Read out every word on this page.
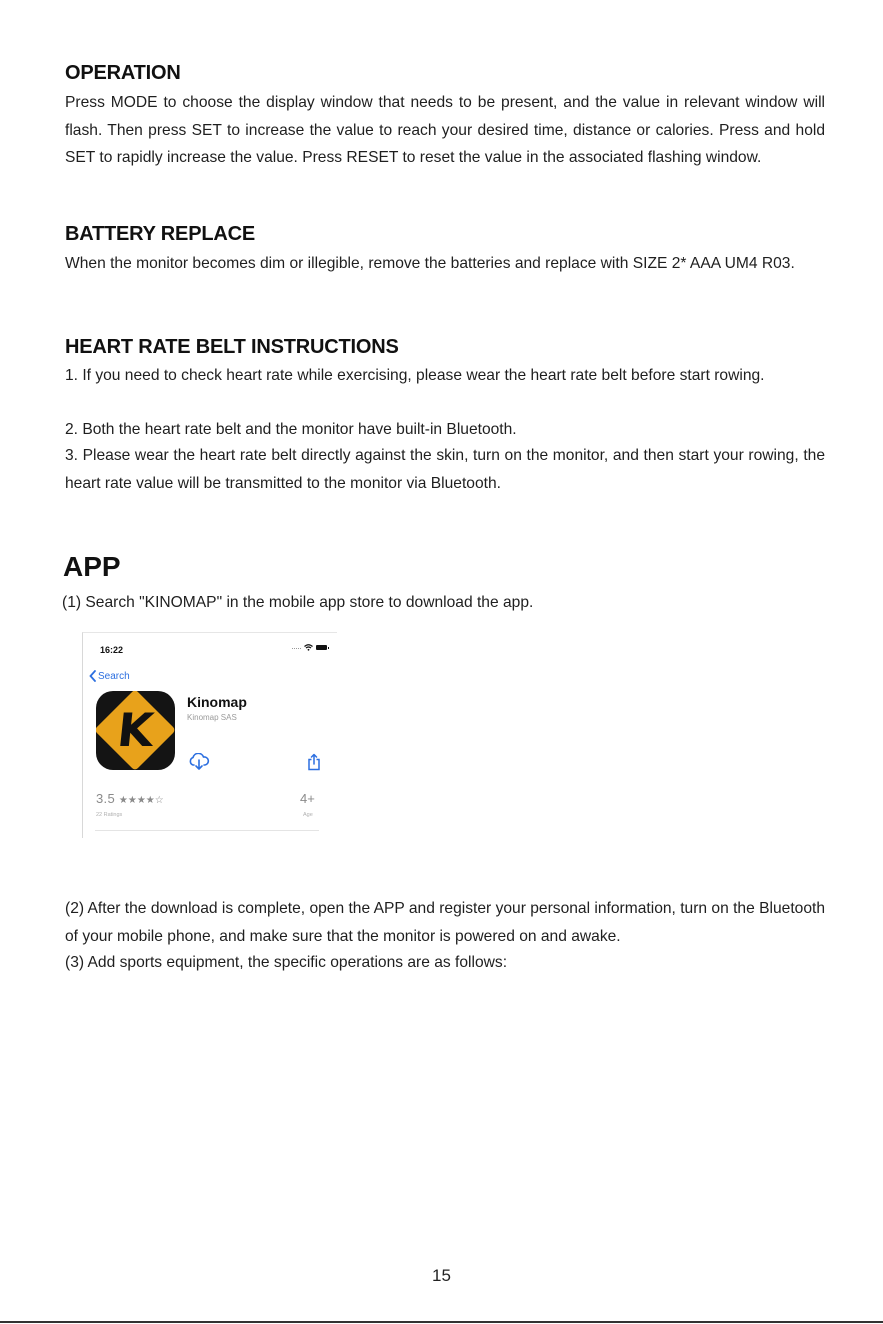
OPERATION
Press MODE to choose the display window that needs to be present, and the value in relevant window will flash. Then press SET to increase the value to reach your desired time, distance or calories. Press and hold SET to rapidly increase the value. Press RESET to reset the value in the associated flashing window.
BATTERY REPLACE
When the monitor becomes dim or illegible, remove the batteries and replace with SIZE 2* AAA UM4 R03.
HEART RATE BELT INSTRUCTIONS
1. If you need to check heart rate while exercising, please wear the heart rate belt before start rowing.
2. Both the heart rate belt and the monitor have built-in Bluetooth.
3. Please wear the heart rate belt directly against the skin, turn on the monitor, and then start your rowing, the heart rate value will be transmitted to the monitor via Bluetooth.
APP
(1) Search "KINOMAP" in the mobile app store to download the app.
16:22
Search
K
Kinomap
Kinomap SAS
3.5 ★★★★☆
22 Ratings
4+
Age
(2) After the download is complete, open the APP and register your personal information, turn on the Bluetooth of your mobile phone, and make sure that the monitor is powered on and awake.
(3) Add sports equipment, the specific operations are as follows:
15
